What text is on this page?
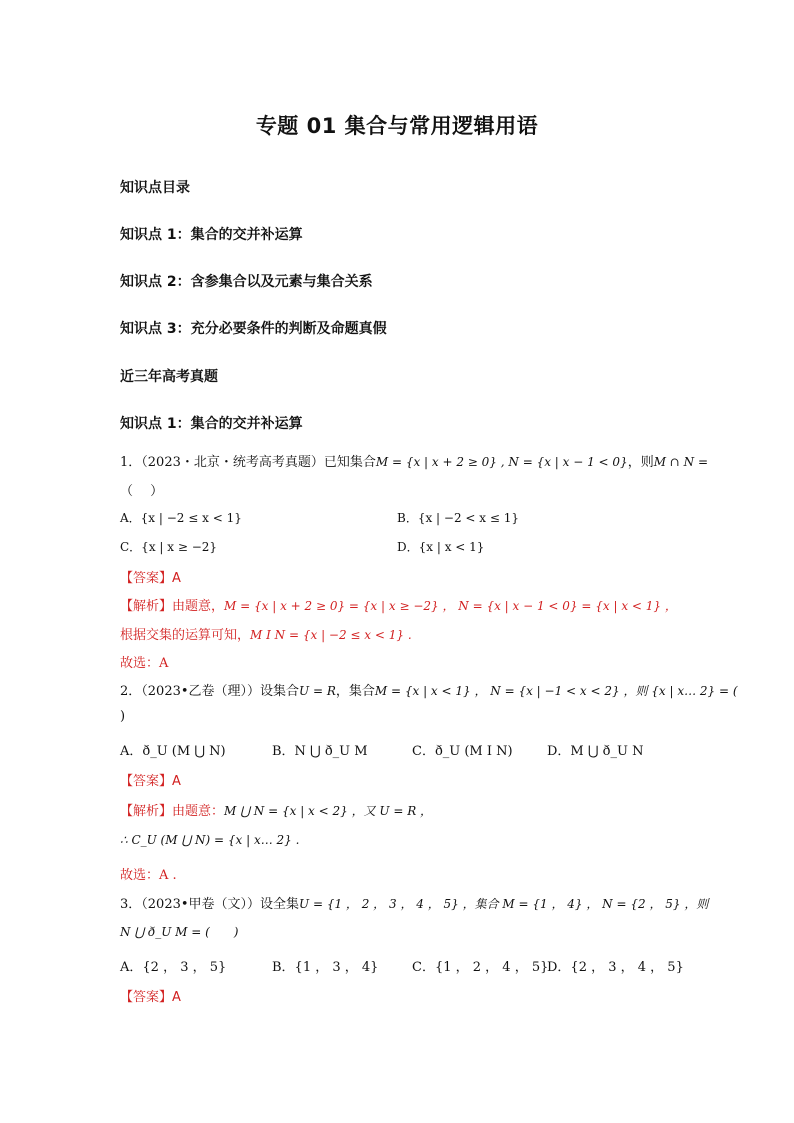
专题 01 集合与常用逻辑用语
知识点目录
知识点 1：集合的交并补运算
知识点 2：含参集合以及元素与集合关系
知识点 3：充分必要条件的判断及命题真假
近三年高考真题
知识点 1：集合的交并补运算
1．（2023・北京・统考高考真题）已知集合M = {x | x + 2 ≥ 0} , N = {x | x − 1 < 0}，则M ∩ N =
（　 ）
A．{x | −2 ≤ x < 1}	B．{x | −2 < x ≤ 1}
C．{x | x ≥ −2}	D．{x | x < 1}
【答案】A
【解析】由题意，M = {x | x + 2 ≥ 0} = {x | x ≥ −2} ， N = {x | x − 1 < 0} = {x | x < 1} ，
根据交集的运算可知，M I N = {x | −2 ≤ x < 1} .
故选：A
2．（2023•乙卷（理））设集合U = R，集合M = {x | x < 1} ， N = {x | −1 < x < 2} ，则 {x | x… 2} = (
)
A．ð_U (M ⋃ N)	B．N ⋃ ð_U M	C．ð_U (M I N)	D．M ⋃ ð_U N
【答案】A
【解析】由题意：M ⋃ N = {x | x < 2} ，又 U = R ，
∴ C_U (M ⋃ N) = {x | x… 2} .
故选：A .
3．（2023•甲卷（文））设全集U = {1 ， 2 ， 3 ， 4 ， 5} ，集合 M = {1 ， 4} ， N = {2 ， 5} ，则
N ⋃ ð_U M = (　　)
A．{2 ， 3 ， 5}	B．{1 ， 3 ， 4}	C．{1 ， 2 ， 4 ， 5}
D．{2 ， 3 ， 4 ， 5}
【答案】A
